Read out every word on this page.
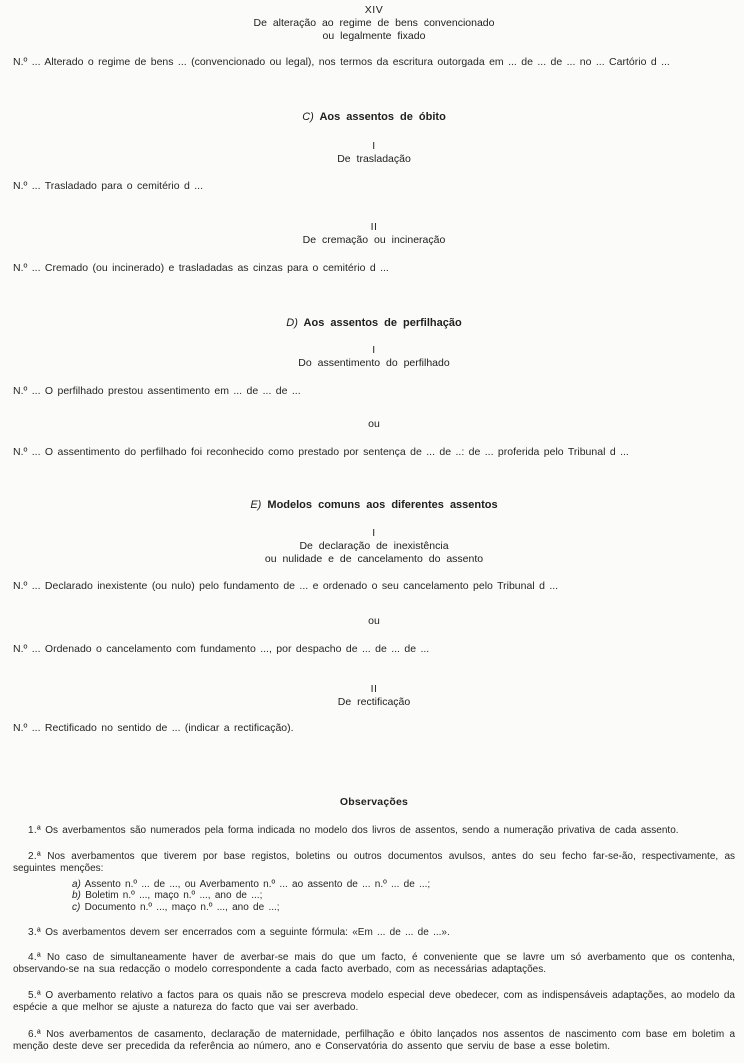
XIV
De alteração ao regime de bens convencionado
ou legalmente fixado

N.º ... Alterado o regime de bens ... (convencionado ou legal), nos termos da escritura outorgada em ... de ... de ... no ... Cartório d ...

C) Aos assentos de óbito
I
De trasladação

N.º ... Trasladado para o cemitério d ...

II
De cremação ou incineração

N.º ... Cremado (ou incinerado) e trasladadas as cinzas para o cemitério d ...

D) Aos assentos de perfilhação
I
Do assentimento do perfilhado

N.º ... O perfilhado prestou assentimento em ... de ... de ...

ou

N.º ... O assentimento do perfilhado foi reconhecido como prestado por sentença de ... de ..: de ... proferida pelo Tribunal d ...

E) Modelos comuns aos diferentes assentos
I
De declaração de inexistência
ou nulidade e de cancelamento do assento

N.º ... Declarado inexistente (ou nulo) pelo fundamento de ... e ordenado o seu cancelamento pelo Tribunal d ...

ou

N.º ... Ordenado o cancelamento com fundamento ..., por despacho de ... de ... de ...

II
De rectificação

N.º ... Rectificado no sentido de ... (indicar a rectificação).

Observações

1.ª Os averbamentos são numerados pela forma indicada no modelo dos livros de assentos, sendo a numeração privativa de cada assento.

2.ª Nos averbamentos que tiverem por base registos, boletins ou outros documentos avulsos, antes do seu fecho far-se-ão, respectivamente, as seguintes menções:

a) Assento n.º ... de ..., ou Averbamento n.º ... ao assento de ... n.º ... de ...;
b) Boletim n.º ..., maço n.º ..., ano de ...;
c) Documento n.º ..., maço n.º ..., ano de ...;

3.ª Os averbamentos devem ser encerrados com a seguinte fórmula: «Em ... de ... de ...».

4.ª No caso de simultaneamente haver de averbar-se mais do que um facto, é conveniente que se lavre um só averbamento que os contenha, observando-se na sua redacção o modelo correspondente a cada facto averbado, com as necessárias adaptações.

5.ª O averbamento relativo a factos para os quais não se prescreva modelo especial deve obedecer, com as indispensáveis adaptações, ao modelo da espécie a que melhor se ajuste a natureza do facto que vai ser averbado.

6.ª Nos averbamentos de casamento, declaração de maternidade, perfilhação e óbito lançados nos assentos de nascimento com base em boletim a menção deste deve ser precedida da referência ao número, ano e Conservatória do assento que serviu de base a esse boletim.
